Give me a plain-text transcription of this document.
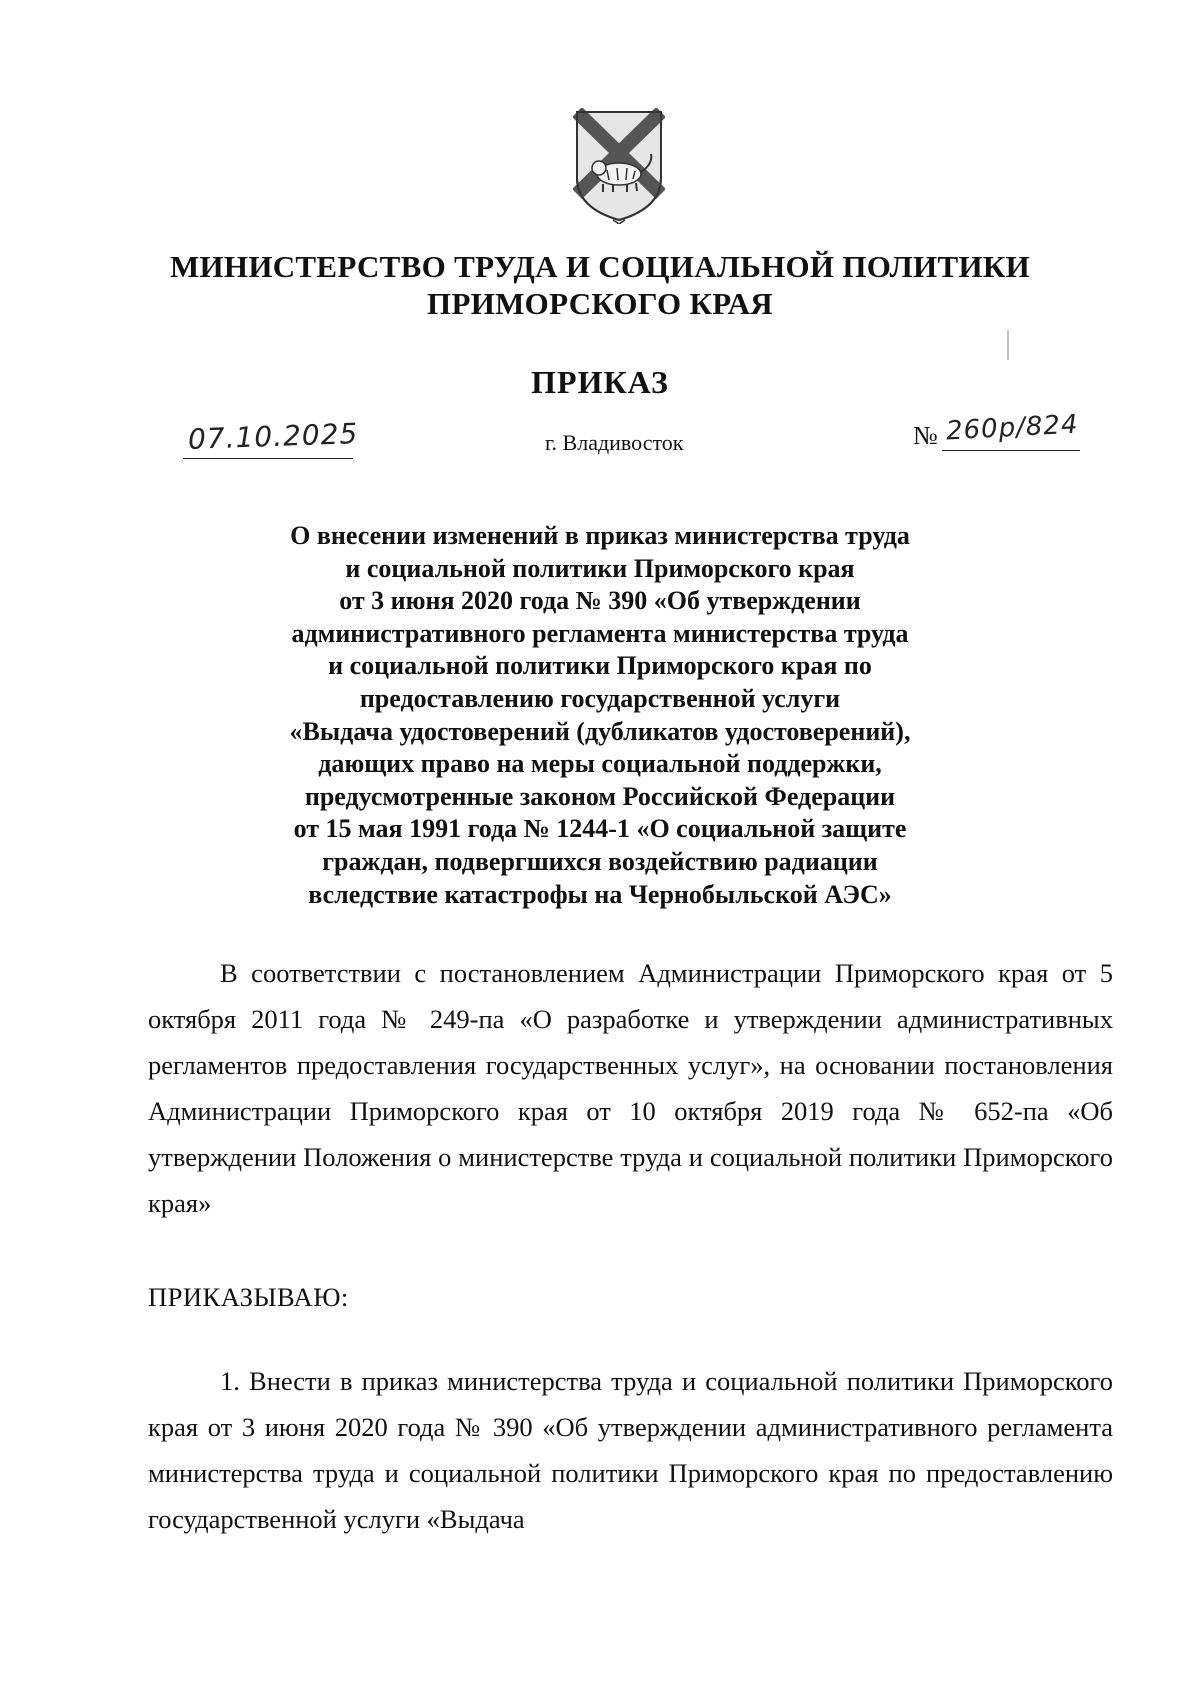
МИНИСТЕРСТВО ТРУДА И СОЦИАЛЬНОЙ ПОЛИТИКИ
ПРИМОРСКОГО КРАЯ
ПРИКАЗ
07.10.2025	г. Владивосток	№ 260р/824
О внесении изменений в приказ министерства труда
и социальной политики Приморского края
от 3 июня 2020 года № 390 «Об утверждении
административного регламента министерства труда
и социальной политики Приморского края по
предоставлению государственной услуги
«Выдача удостоверений (дубликатов удостоверений),
дающих право на меры социальной поддержки,
предусмотренные законом Российской Федерации
от 15 мая 1991 года № 1244-1 «О социальной защите
граждан, подвергшихся воздействию радиации
вследствие катастрофы на Чернобыльской АЭС»
В соответствии с постановлением Администрации Приморского края от 5 октября 2011 года № 249-па «О разработке и утверждении административных регламентов предоставления государственных услуг», на основании постановления Администрации Приморского края от 10 октября 2019 года № 652-па «Об утверждении Положения о министерстве труда и социальной политики Приморского края»
ПРИКАЗЫВАЮ:
1. Внести в приказ министерства труда и социальной политики Приморского края от 3 июня 2020 года № 390 «Об утверждении административного регламента министерства труда и социальной политики Приморского края по предоставлению государственной услуги «Выдача
